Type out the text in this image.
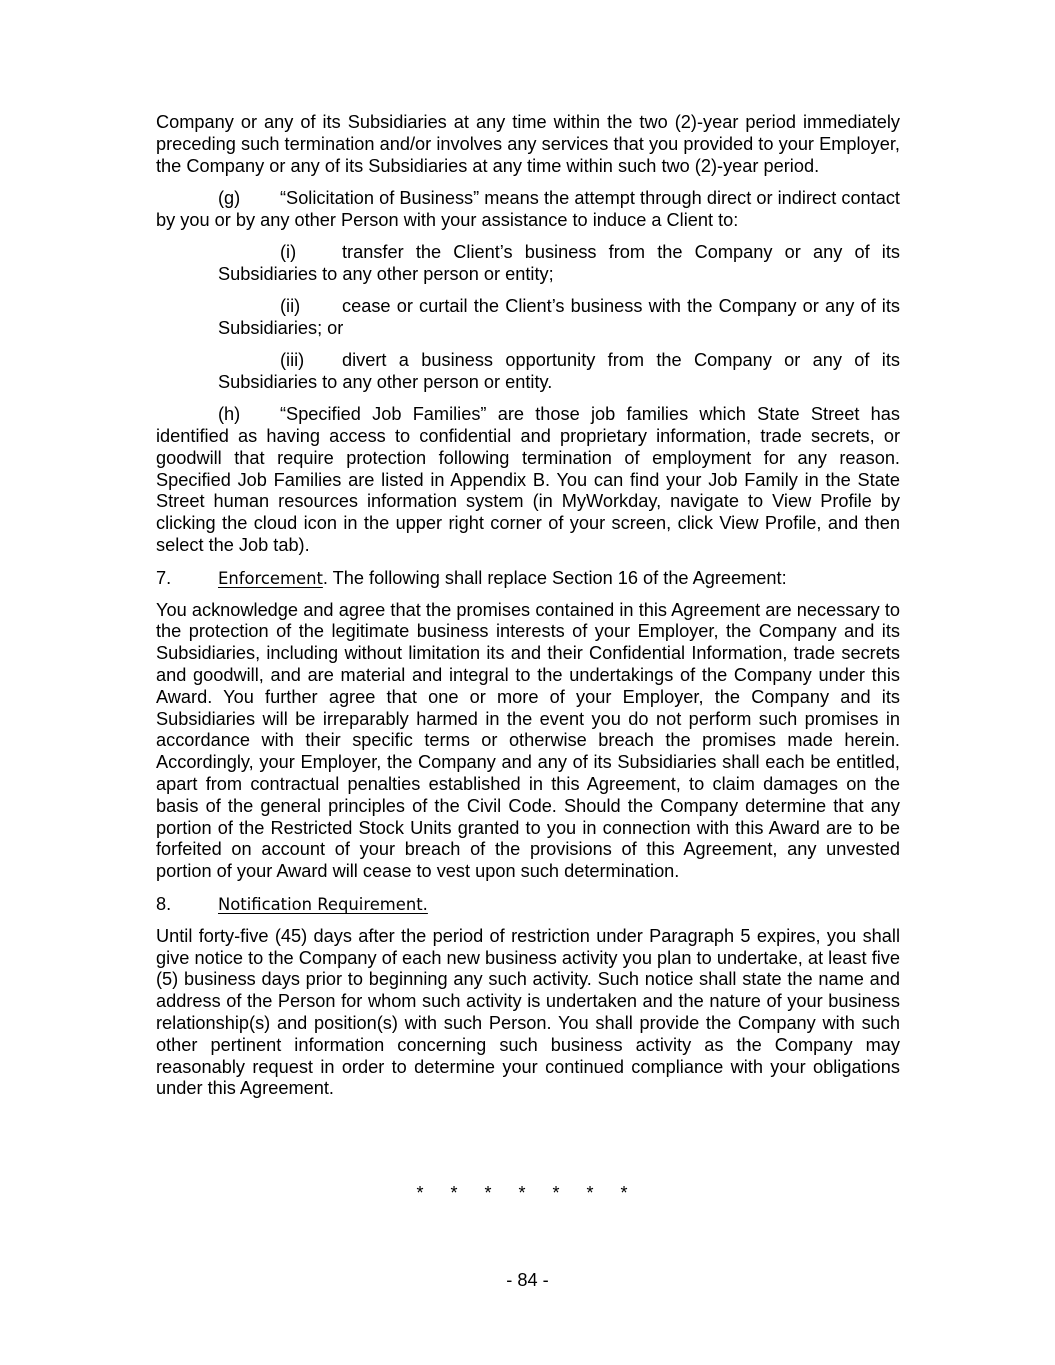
Company or any of its Subsidiaries at any time within the two (2)-year period immediately preceding such termination and/or involves any services that you provided to your Employer, the Company or any of its Subsidiaries at any time within such two (2)-year period.

(g) “Solicitation of Business” means the attempt through direct or indirect contact by you or by any other Person with your assistance to induce a Client to:

(i)	transfer the Client’s business from the Company or any of its Subsidiaries to any other person or entity;

(ii) cease or curtail the Client’s business with the Company or any of its Subsidiaries; or

(iii) divert a business opportunity from the Company or any of its Subsidiaries to any other person or entity.

(h) “Specified Job Families” are those job families which State Street has identified as having access to confidential and proprietary information, trade secrets, or goodwill that require protection following termination of employment for any reason. Specified Job Families are listed in Appendix B. You can find your Job Family in the State Street human resources information system (in MyWorkday, navigate to View Profile by clicking the cloud icon in the upper right corner of your screen, click View Profile, and then select the Job tab).

7.	Enforcement. The following shall replace Section 16 of the Agreement:

You acknowledge and agree that the promises contained in this Agreement are necessary to the protection of the legitimate business interests of your Employer, the Company and its Subsidiaries, including without limitation its and their Confidential Information, trade secrets and goodwill, and are material and integral to the undertakings of the Company under this Award. You further agree that one or more of your Employer, the Company and its Subsidiaries will be irreparably harmed in the event you do not perform such promises in accordance with their specific terms or otherwise breach the promises made herein. Accordingly, your Employer, the Company and any of its Subsidiaries shall each be entitled, apart from contractual penalties established in this Agreement, to claim damages on the basis of the general principles of the Civil Code. Should the Company determine that any portion of the Restricted Stock Units granted to you in connection with this Award are to be forfeited on account of your breach of the provisions of this Agreement, any unvested portion of your Award will cease to vest upon such determination.

8.	Notification Requirement.

Until forty-five (45) days after the period of restriction under Paragraph 5 expires, you shall give notice to the Company of each new business activity you plan to undertake, at least five (5) business days prior to beginning any such activity. Such notice shall state the name and address of the Person for whom such activity is undertaken and the nature of your business relationship(s) and position(s) with such Person. You shall provide the Company with such other pertinent information concerning such business activity as the Company may reasonably request in order to determine your continued compliance with your obligations under this Agreement.

* * * * * * *
- 84 -
